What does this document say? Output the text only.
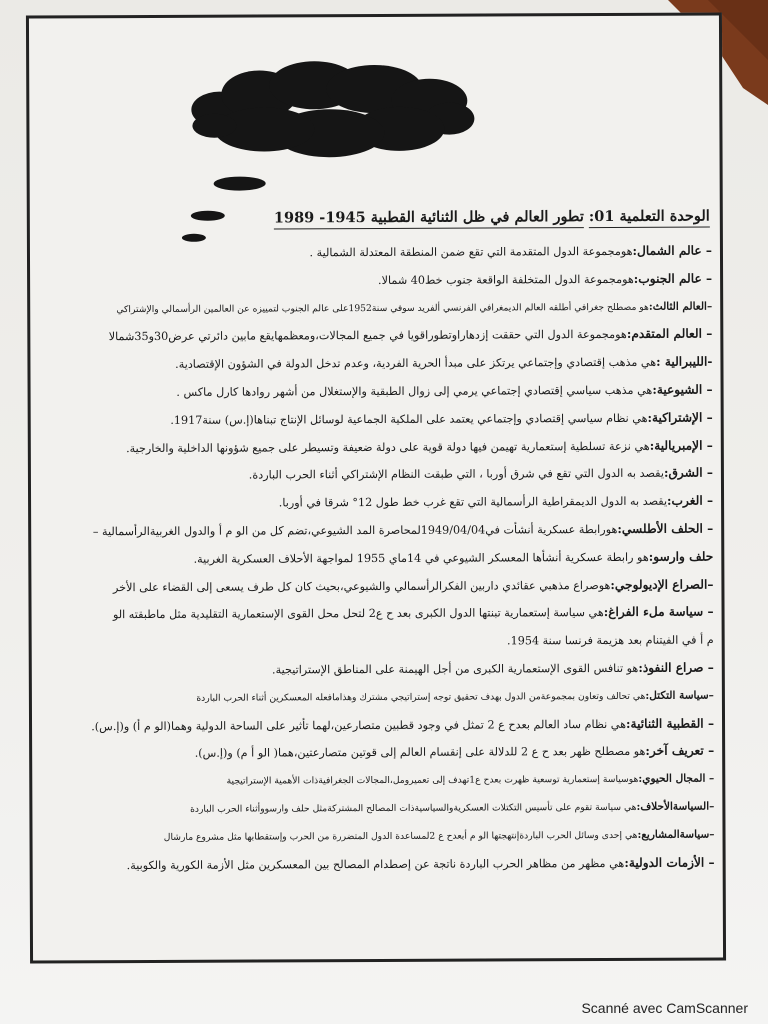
الوحدة التعلمية 01: تطور العالم في ظل الثنائية القطبية 1945- 1989
– عالم الشمال:هومجموعة الدول المتقدمة التي تقع ضمن المنطقة المعتدلة الشمالية .
– عالم الجنوب:هومجموعة الدول المتخلفة الواقعة جنوب خط40 شمالا.
–العالم الثالث:هو مصطلح جغرافي أطلقه العالم الديمغرافي الفرنسي ألفريد سوفي سنة1952على عالم الجنوب لتمييزه عن العالمين الرأسمالي والإشتراكي
– العالم المتقدم:هومجموعة الدول التي حققت إزدهاراوتطوراقويا في جميع المجالات،ومعظمهايقع مابين دائرتي عرض30و35شمالا
-الليبرالية :هي مذهب إقتصادي وإجتماعي يرتكز على مبدأ الحرية الفردية، وعدم تدخل الدولة في الشؤون الإقتصادية.
– الشيوعية:هي مذهب سياسي إقتصادي إجتماعي يرمي إلى زوال الطبقية والإستغلال من أشهر روادها كارل ماكس .
– الإشتراكية:هي نظام سياسي إقتصادي وإجتماعي يعتمد على الملكية الجماعية لوسائل الإنتاج تبناها(إ.س) سنة1917.
– الإمبريالية:هي نزعة تسلطية إستعمارية تهيمن فيها دولة قوية على دولة ضعيفة وتسيطر على جميع شؤونها الداخلية والخارجية.
– الشرق:يقصد به الدول التي تقع في شرق أوربا ، التي طبقت النظام الإشتراكي أثناء الحرب الباردة.
– الغرب:يقصد به الدول الديمقراطية الرأسمالية التي تقع غرب خط طول 12° شرقا في أوربا.
– الحلف الأطلسي:هورابطة عسكرية أنشأت في1949/04/04لمحاصرة المد الشيوعي،تضم كل من الو م أ والدول الغربيةالرأسمالية –
حلف وارسو:هو رابطة عسكرية أنشأها المعسكر الشيوعي في 14ماي 1955 لمواجهة الأحلاف العسكرية الغربية.
–الصراع الإديولوجي:هوصراع مذهبي عقائدي داربين الفكرالرأسمالي والشيوعي،بحيث كان كل طرف يسعى إلى القضاء على الأخر
– سياسة ملء الفراغ:هي سياسة إستعمارية تبنتها الدول الكبرى بعد ح ع2 لتحل محل القوى الإستعمارية التقليدية مثل ماطبقته الو
م أ في الفيتنام بعد هزيمة فرنسا سنة 1954.
– صراع النفوذ:هو تنافس القوى الإستعمارية الكبرى من أجل الهيمنة على المناطق الإستراتيجية.
–سياسة التكتل:هي تحالف وتعاون بمجموعةمن الدول بهدف تحقيق توجه إستراتيجي مشترك وهذامافعله المعسكرين أثناء الحرب الباردة
– القطبية الثنائية:هي نظام ساد العالم بعدح ع 2 تمثل في وجود قطبين متصارعين،لهما تأثير على الساحة الدولية وهما(الو م أ) و(إ.س).
– تعريف آخر:هو مصطلح ظهر بعد ح ع 2 للدلالة على إنقسام العالم إلى قوتين متصارعتين،هما( الو أ م) و(إ.س).
– المجال الحيوي:هوسياسة إستعمارية توسعية ظهرت بعدح ع1تهدف إلى تعميرومل،المجالات الجغرافيةذات الأهمية الإستراتيجية
–السياسةالأحلاف:هي سياسة تقوم على تأسيس التكتلات العسكريةوالسياسيةذات المصالح المشتركةمثل حلف وارسووأثناء الحرب الباردة
–سياسةالمشاريع:هي إحدى وسائل الحرب الباردةإنتهجتها الو م أبعدح ع 2لمساعدة الدول المتضررة من الحرب وإستقطابها مثل مشروع مارشال
– الأزمات الدولية:هي مظهر من مظاهر الحرب الباردة ناتجة عن إصطدام المصالح بين المعسكرين مثل الأزمة الكورية والكوبية.
Scanné avec CamScanner
